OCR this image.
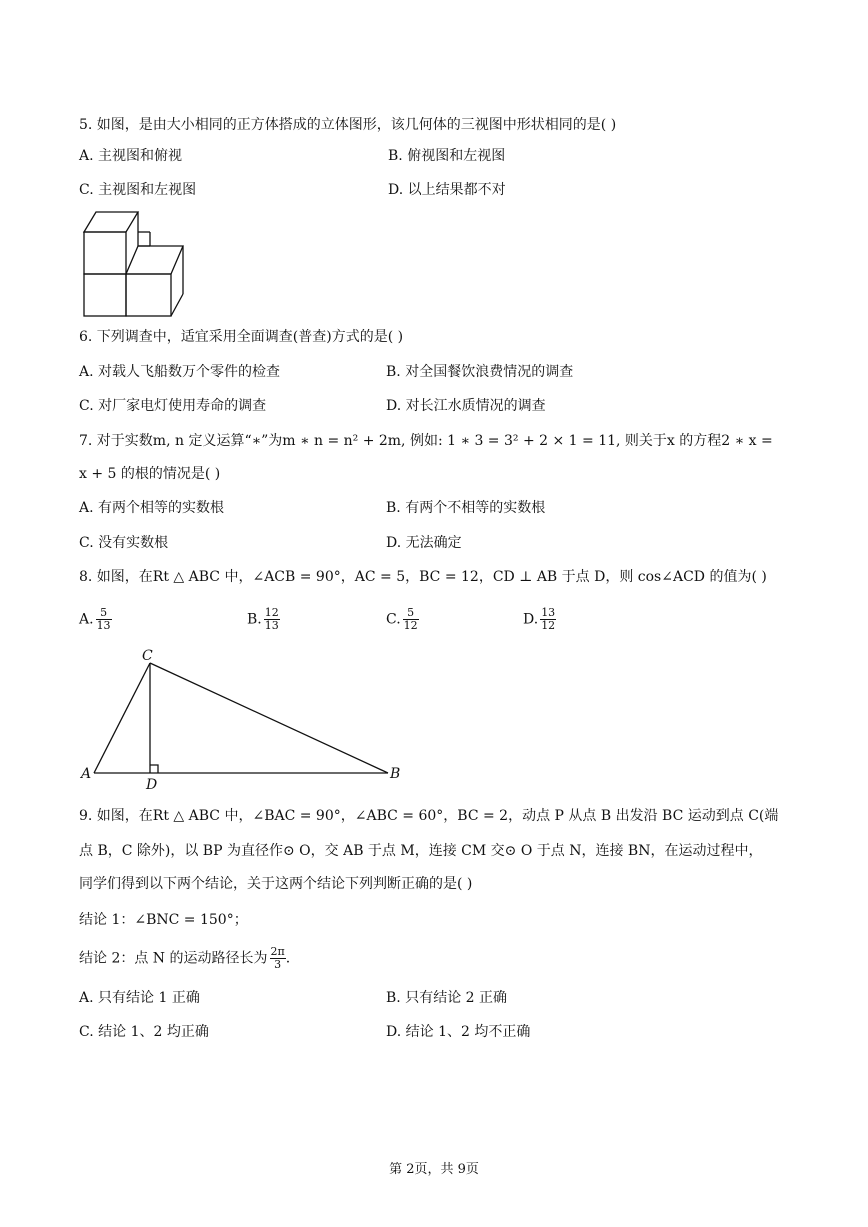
5. 如图，是由大小相同的正方体搭成的立体图形，该几何体的三视图中形状相同的是( )
A. 主视图和俯视	B. 俯视图和左视图
C. 主视图和左视图	D. 以上结果都不对
6. 下列调查中，适宜采用全面调查(普查)方式的是( )
A. 对载人飞船数万个零件的检查	B. 对全国餐饮浪费情况的调查
C. 对厂家电灯使用寿命的调查	D. 对长江水质情况的调查
7. 对于实数m, n 定义运算“∗”为m ∗ n = n² + 2m, 例如: 1 ∗ 3 = 3² + 2 × 1 = 11, 则关于x 的方程2 ∗ x =
x + 5 的根的情况是( )
A. 有两个相等的实数根	B. 有两个不相等的实数根
C. 没有实数根	D. 无法确定
8. 如图，在Rt △ ABC 中，∠ACB = 90°，AC = 5，BC = 12，CD ⊥ AB 于点 D，则 cos∠ACD 的值为( )
A. $\frac{5}{13}$	B. $\frac{12}{13}$	C. $\frac{5}{12}$	D. $\frac{13}{12}$
C
A
D
B
9. 如图，在Rt △ ABC 中，∠BAC = 90°，∠ABC = 60°，BC = 2，动点 P 从点 B 出发沿 BC 运动到点 C(端
点 B，C 除外)，以 BP 为直径作⊙ O，交 AB 于点 M，连接 CM 交⊙ O 于点 N，连接 BN，在运动过程中，
同学们得到以下两个结论，关于这两个结论下列判断正确的是( )
结论 1：∠BNC = 150°；
结论 2：点 N 的运动路径长为 $\frac{2\pi}{3}$ .
A. 只有结论 1 正确	B. 只有结论 2 正确
C. 结论 1、2 均正确	D. 结论 1、2 均不正确
第 2页，共 9页
